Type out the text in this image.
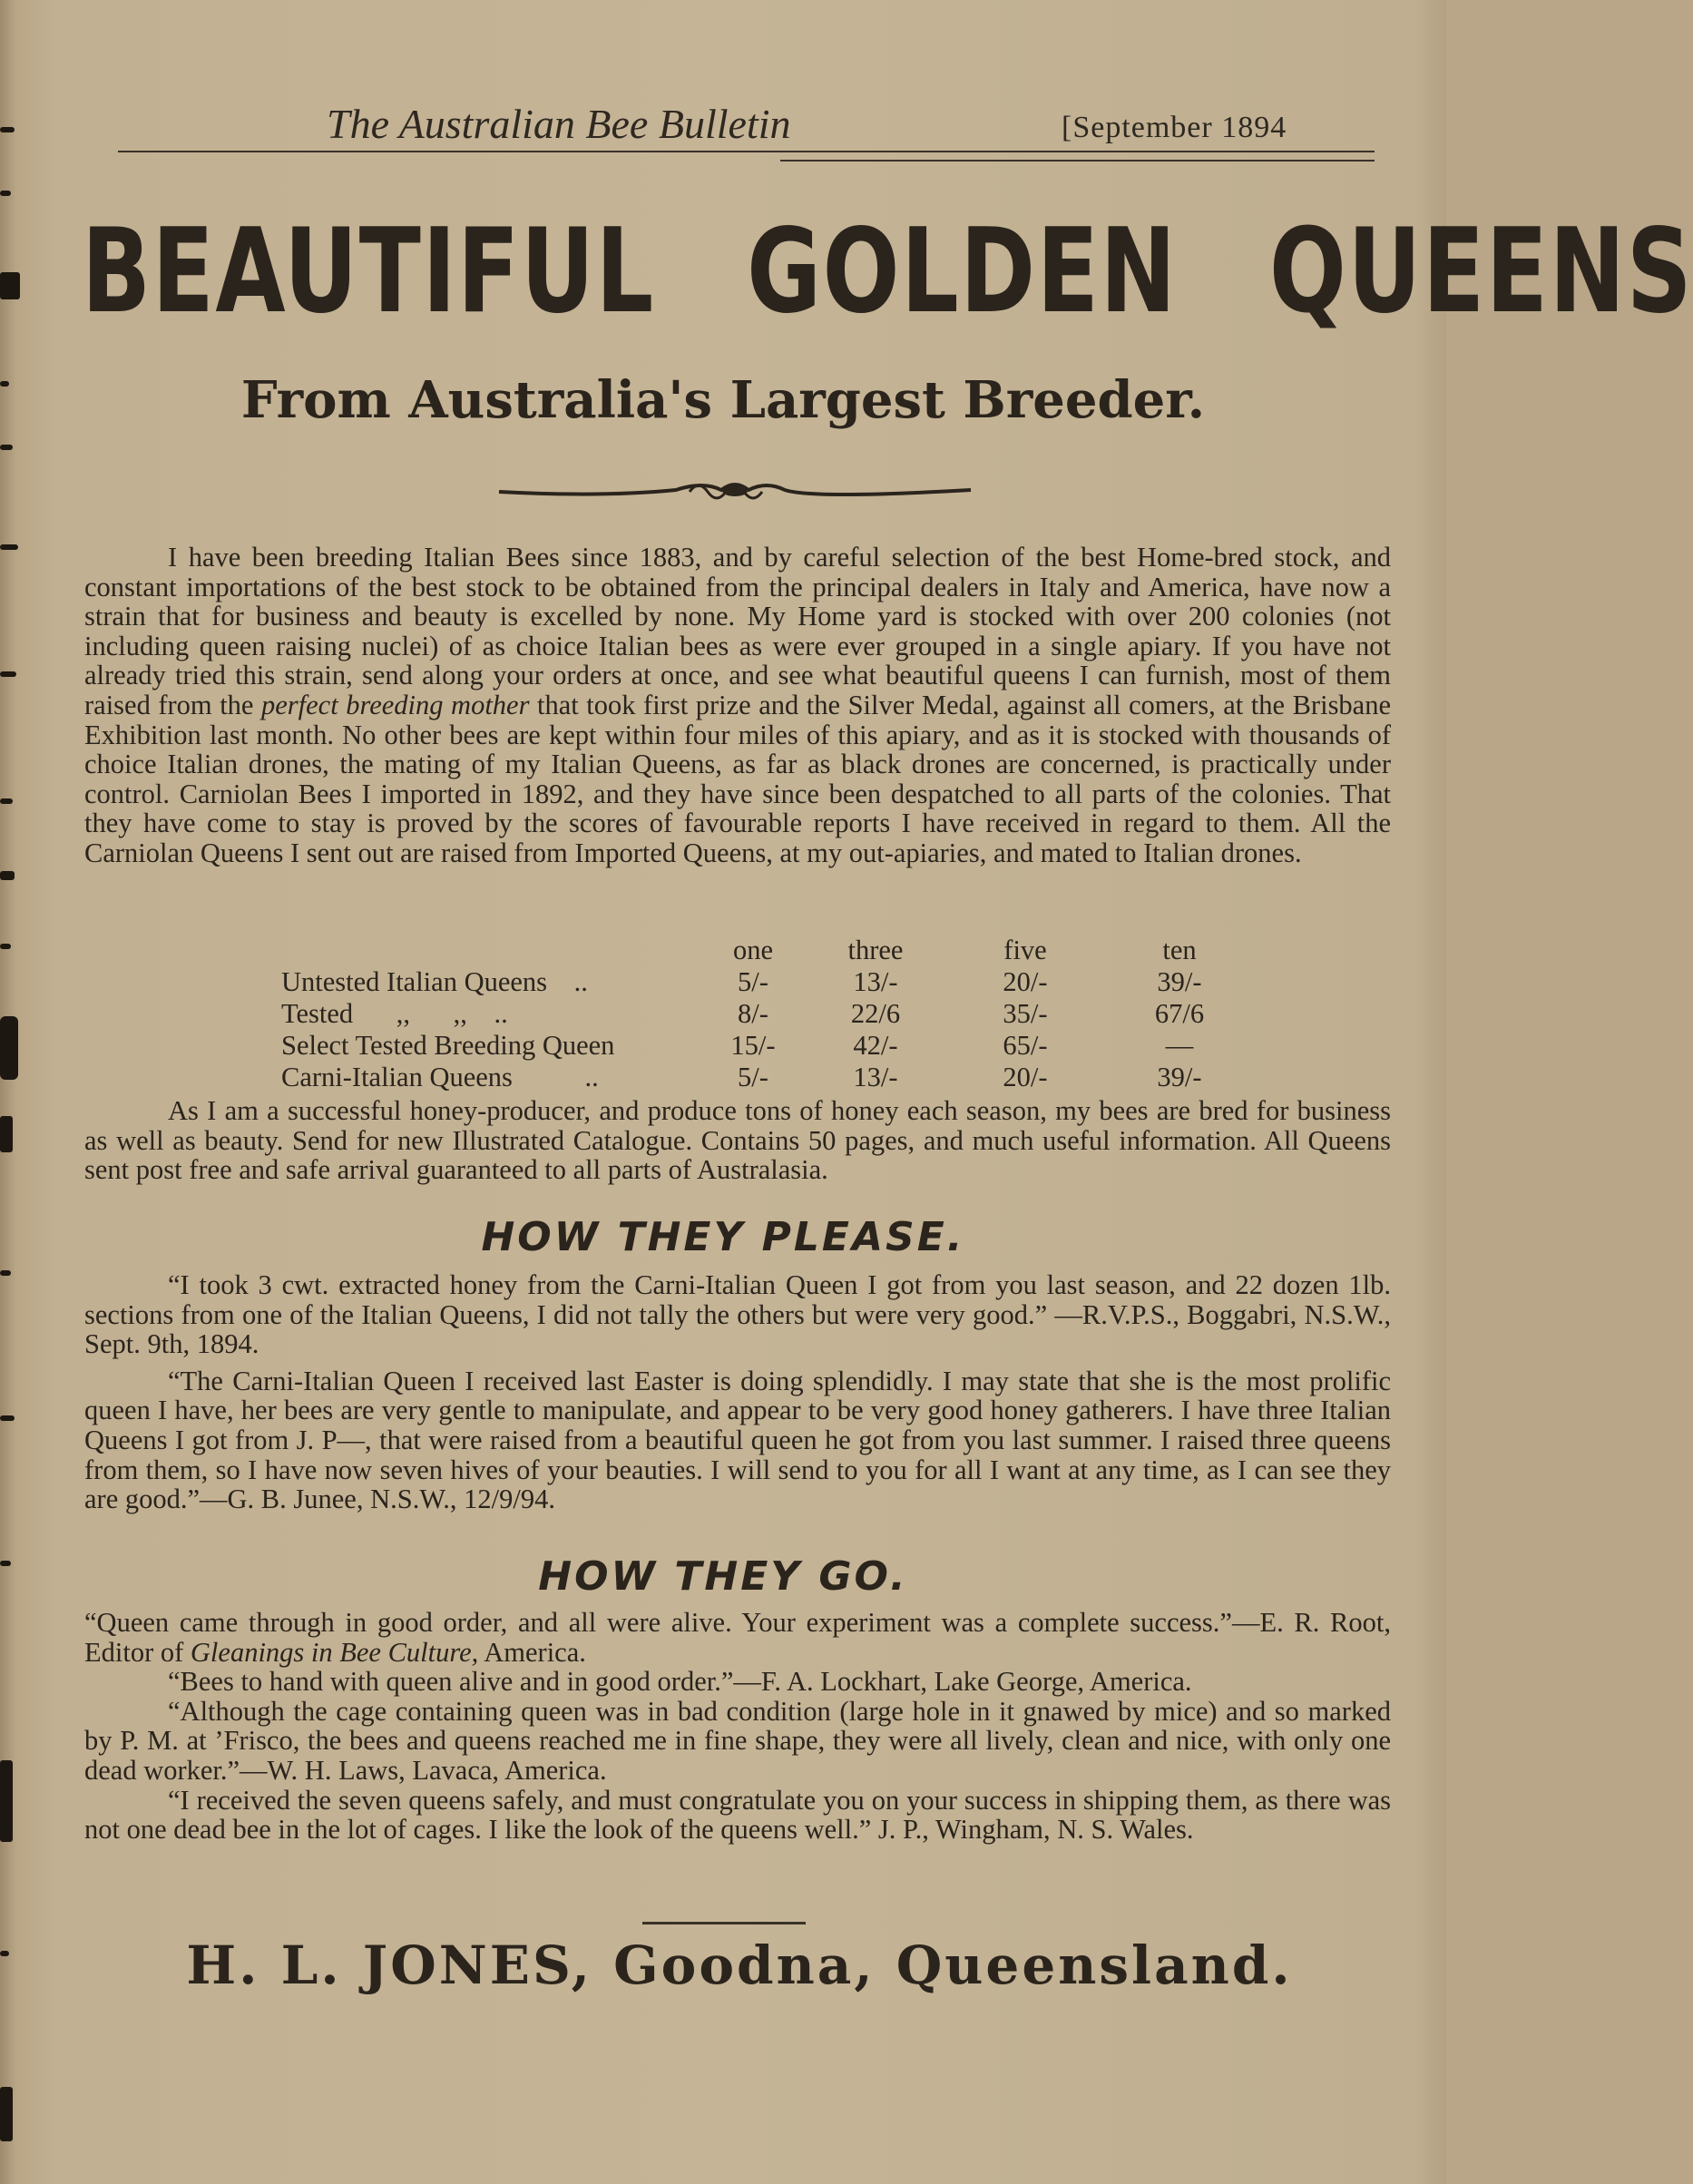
The Australian Bee Bulletin	[September 1894
BEAUTIFUL GOLDEN QUEENS
From Australia's Largest Breeder.

I have been breeding Italian Bees since 1883, and by careful selection of the best Home-bred stock, and constant importations of the best stock to be obtained from the principal dealers in Italy and America, have now a strain that for business and beauty is excelled by none. My Home yard is stocked with over 200 colonies (not including queen raising nuclei) of as choice Italian bees as were ever grouped in a single apiary. If you have not already tried this strain, send along your orders at once, and see what beautiful queens I can furnish, most of them raised from the perfect breeding mother that took first prize and the Silver Medal, against all comers, at the Brisbane Exhibition last month. No other bees are kept within four miles of this apiary, and as it is stocked with thousands of choice Italian drones, the mating of my Italian Queens, as far as black drones are concerned, is practically under control. Carniolan Bees I imported in 1892, and they have since been despatched to all parts of the colonies. That they have come to stay is proved by the scores of favourable reports I have received in regard to them. All the Carniolan Queens I sent out are raised from Imported Queens, at my out-apiaries, and mated to Italian drones.

	one	three	five	ten
Untested Italian Queens ..	5/-	13/-	20/-	39/-
Tested ,, ,, ..	8/-	22/6	35/-	67/6
Select Tested Breeding Queen	15/-	42/-	65/-	—
Carni-Italian Queens ..	5/-	13/-	20/-	39/-

As I am a successful honey-producer, and produce tons of honey each season, my bees are bred for business as well as beauty. Send for new Illustrated Catalogue. Contains 50 pages, and much useful information. All Queens sent post free and safe arrival guaranteed to all parts of Australasia.

HOW THEY PLEASE.

“I took 3 cwt. extracted honey from the Carni-Italian Queen I got from you last season, and 22 dozen 1lb. sections from one of the Italian Queens, I did not tally the others but were very good.” —R.V.P.S., Boggabri, N.S.W., Sept. 9th, 1894.

“The Carni-Italian Queen I received last Easter is doing splendidly. I may state that she is the most prolific queen I have, her bees are very gentle to manipulate, and appear to be very good honey gatherers. I have three Italian Queens I got from J. P—, that were raised from a beautiful queen he got from you last summer. I raised three queens from them, so I have now seven hives of your beauties. I will send to you for all I want at any time, as I can see they are good.”—G. B. Junee, N.S.W., 12/9/94.

HOW THEY GO.

“Queen came through in good order, and all were alive. Your experiment was a complete success.”—E. R. Root, Editor of Gleanings in Bee Culture, America.

“Bees to hand with queen alive and in good order.”—F. A. Lockhart, Lake George, America.

“Although the cage containing queen was in bad condition (large hole in it gnawed by mice) and so marked by P. M. at ’Frisco, the bees and queens reached me in fine shape, they were all lively, clean and nice, with only one dead worker.”—W. H. Laws, Lavaca, America.

“I received the seven queens safely, and must congratulate you on your success in shipping them, as there was not one dead bee in the lot of cages. I like the look of the queens well.” J. P., Wingham, N. S. Wales.

H. L. JONES, Goodna, Queensland.
